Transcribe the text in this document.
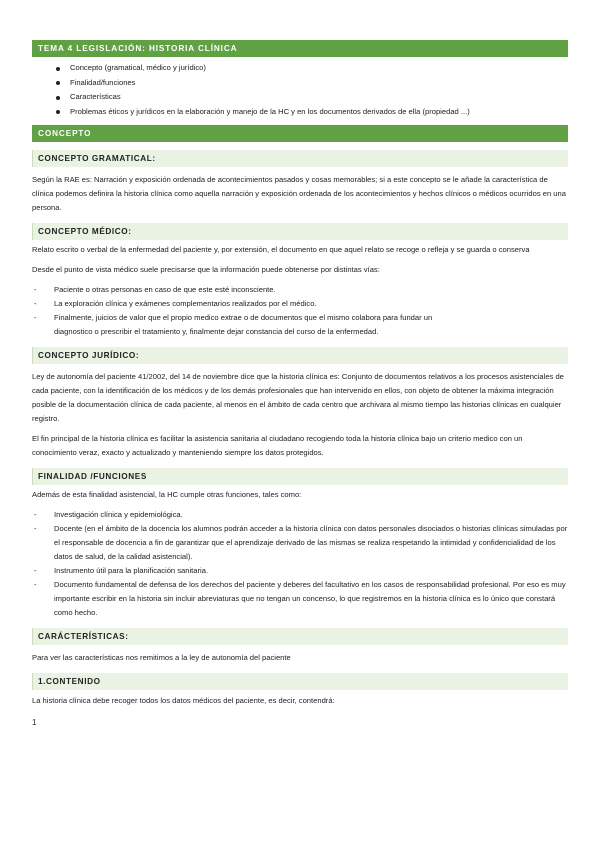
TEMA 4 LEGISLACIÓN: HISTORIA CLÍNICA
Concepto (gramatical, médico y jurídico)
Finalidad/funciones
Características
Problemas éticos y jurídicos en la elaboración y manejo de la HC y en los documentos derivados de ella (propiedad ...)
CONCEPTO
CONCEPTO GRAMATICAL:

Según la RAE es: Narración y exposición ordenada de acontecimientos pasados y cosas memorables; si a este concepto se le añade la característica de clínica podemos definira la historia clínica como aquella narración y exposición ordenada de los acontecimientos y hechos clínicos o médicos ocurridos en una persona.

CONCEPTO MÉDICO:

Relato escrito o verbal de la enfermedad del paciente y, por extensión, el documento en que aquel relato se recoge o refleja y se guarda o conserva

Desde el punto de vista médico suele precisarse que la información puede obtenerse por distintas vías:

- Paciente o otras personas en caso de que este esté inconsciente.
- La exploración clínica y exámenes complementarios realizados por el médico.
- Finalmente, juicios de valor que el propio medico extrae o de documentos que el mismo colabora para fundar un diagnostico o prescribir el tratamiento y, finalmente dejar constancia del curso de la enfermedad.
CONCEPTO JURÍDICO:

Ley de autonomía del paciente 41/2002, del 14 de noviembre dice que la historia clínica es: Conjunto de documentos relativos a los procesos asistenciales de cada paciente, con la identificación de los médicos y de los demás profesionales que han intervenido en ellos, con objeto de obtener la máxima integración posible de la documentación clínica de cada paciente, al menos en el ámbito de cada centro que archivara al mismo tiempo las historias clínicas en cualquier registro.

El fin principal de la historia clínica es facilitar la asistencia sanitaria al ciudadano recogiendo toda la historia clínica bajo un criterio medico con un conocimiento veraz, exacto y actualizado y manteniendo siempre los datos protegidos.

FINALIDAD /FUNCIONES

Además de esta finalidad asistencial, la HC cumple otras funciones, tales como:

- Investigación clínica y epidemiológica.
- Docente (en el ámbito de la docencia los alumnos podrán acceder a la historia clínica con datos personales disociados o historias clínicas simuladas por el responsable de docencia a fin de garantizar que el aprendizaje derivado de las mismas se realiza respetando la intimidad y confidencialidad de los datos de salud, de la calidad asistencial).
- Instrumento útil para la planificación sanitaria.
- Documento fundamental de defensa de los derechos del paciente y deberes del facultativo en los casos de responsabilidad profesional. Por eso es muy importante escribir en la historia sin incluir abreviaturas que no tengan un concenso, lo que registremos en la historia clínica es lo único que constará como hecho.
CARÁCTERÍSTICAS:

Para ver las características nos remitimos a la ley de autonomía del paciente

1.CONTENIDO

La historia clínica debe recoger todos los datos médicos del paciente, es decir, contendrá:

1
